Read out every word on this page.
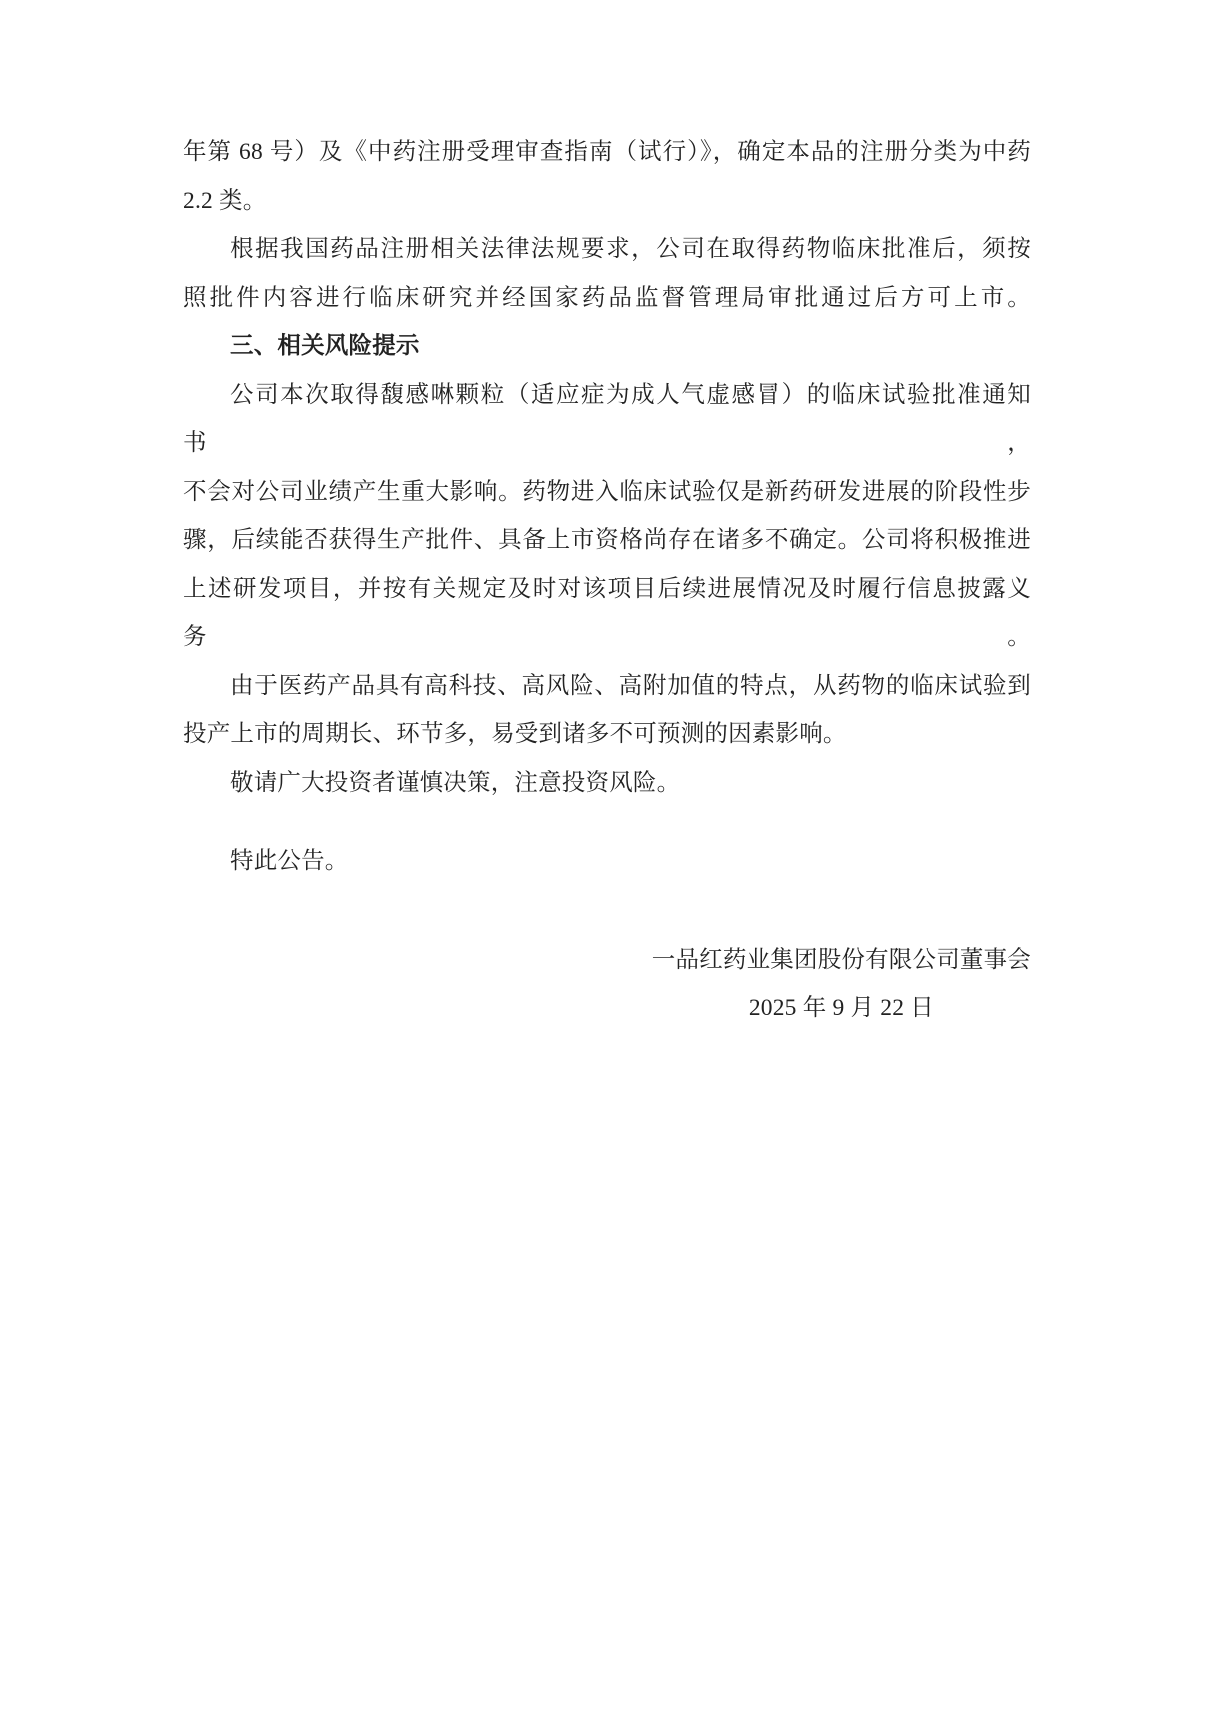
年第 68 号）及《中药注册受理审查指南（试行）》，确定本品的注册分类为中药
2.2 类。
根据我国药品注册相关法律法规要求，公司在取得药物临床批准后，须按
照批件内容进行临床研究并经国家药品监督管理局审批通过后方可上市。
三、相关风险提示
公司本次取得馥感啉颗粒（适应症为成人气虚感冒）的临床试验批准通知书，
不会对公司业绩产生重大影响。药物进入临床试验仅是新药研发进展的阶段性步
骤，后续能否获得生产批件、具备上市资格尚存在诸多不确定。公司将积极推进
上述研发项目，并按有关规定及时对该项目后续进展情况及时履行信息披露义务。
由于医药产品具有高科技、高风险、高附加值的特点，从药物的临床试验到
投产上市的周期长、环节多，易受到诸多不可预测的因素影响。
敬请广大投资者谨慎决策，注意投资风险。
特此公告。
一品红药业集团股份有限公司董事会
2025 年 9 月 22 日
